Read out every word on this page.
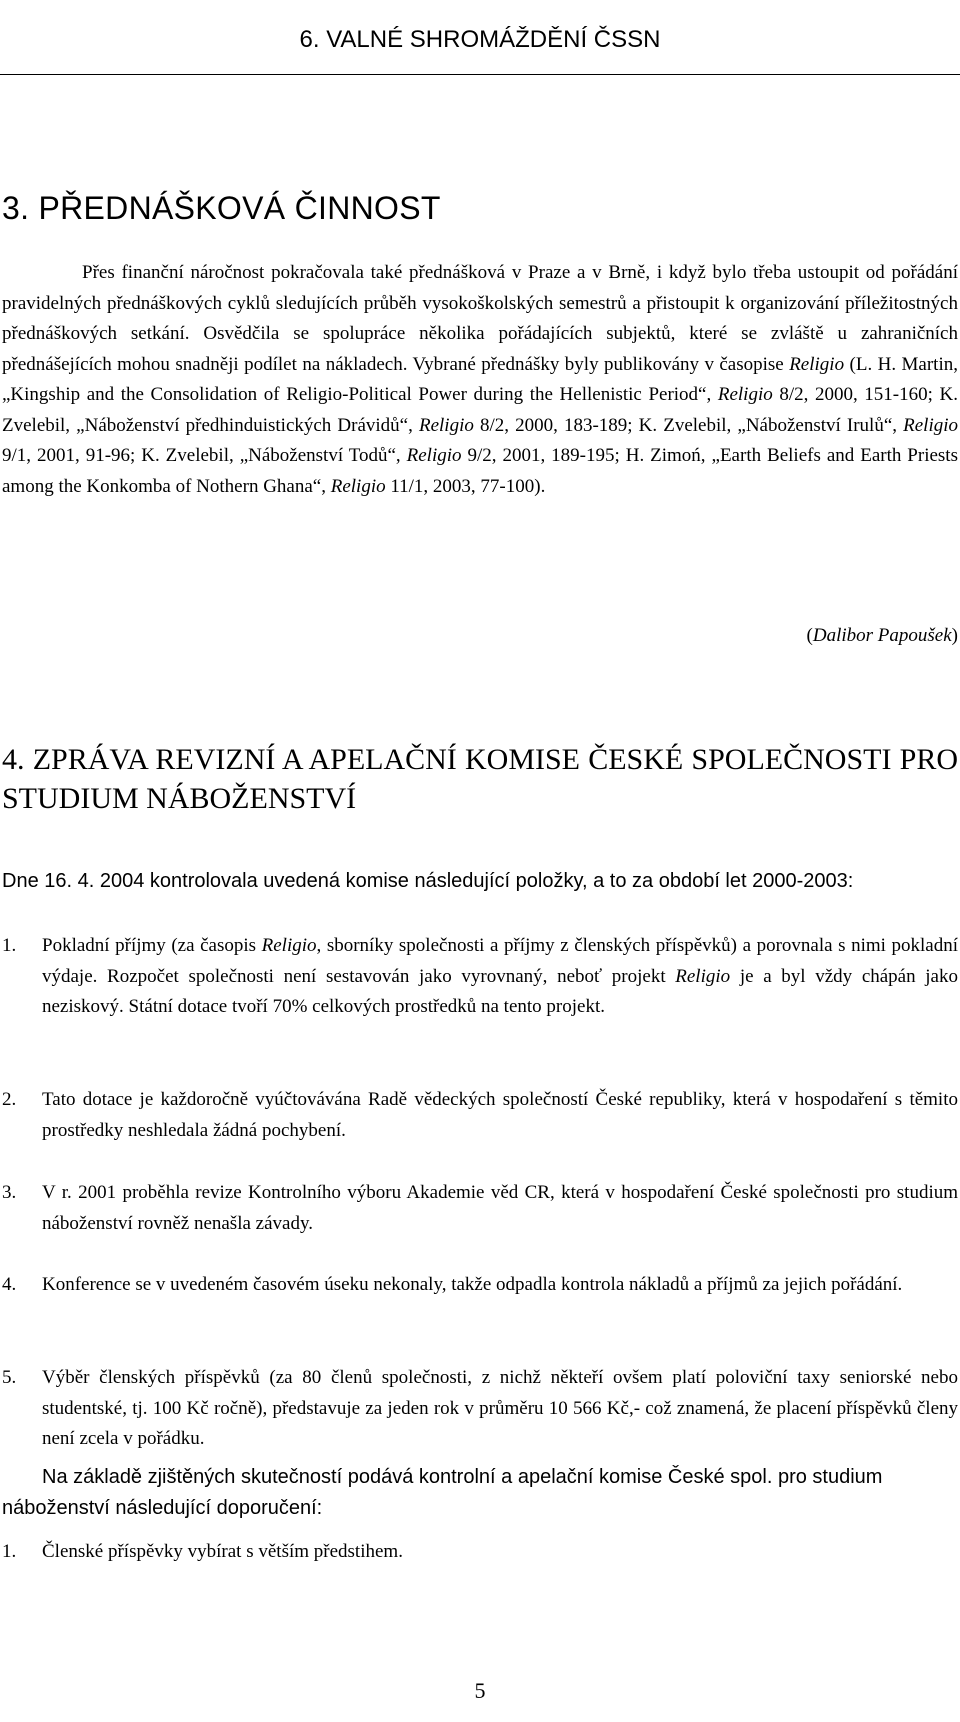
6. VALNÉ SHROMÁŽDĚNÍ ČSSN
3. PŘEDNÁŠKOVÁ ČINNOST

Přes finanční náročnost pokračovala také přednášková v Praze a v Brně, i když bylo třeba ustoupit od pořádání pravidelných přednáškových cyklů sledujících průběh vysokoškolských semestrů a přistoupit k organizování příležitostných přednáškových setkání. Osvědčila se spolupráce několika pořádajících subjektů, které se zvláště u zahraničních přednášejících mohou snadněji podílet na nákladech. Vybrané přednášky byly publikovány v časopise Religio (L. H. Martin, „Kingship and the Consolidation of Religio-Political Power during the Hellenistic Period“, Religio 8/2, 2000, 151-160; K. Zvelebil, „Náboženství předhinduistických Drávidů“, Religio 8/2, 2000, 183-189; K. Zvelebil, „Náboženství Irulů“, Religio 9/1, 2001, 91-96; K. Zvelebil, „Náboženství Todů“, Religio 9/2, 2001, 189-195; H. Zimoń, „Earth Beliefs and Earth Priests among the Konkomba of Nothern Ghana“, Religio 11/1, 2003, 77-100).

(Dalibor Papoušek)
4. ZPRÁVA REVIZNÍ A APELAČNÍ KOMISE ČESKÉ SPOLEČNOSTI PRO STUDIUM NÁBOŽENSTVÍ

Dne 16. 4. 2004 kontrolovala uvedená komise následující položky, a to za období let 2000-2003:

1. Pokladní příjmy (za časopis Religio, sborníky společnosti a příjmy z členských příspěvků) a porovnala s nimi pokladní výdaje. Rozpočet společnosti není sestavován jako vyrovnaný, neboť projekt Religio je a byl vždy chápán jako neziskový. Státní dotace tvoří 70% celkových prostředků na tento projekt.

2. Tato dotace je každoročně vyúčtovávána Radě vědeckých společností České republiky, která v hospodaření s těmito prostředky neshledala žádná pochybení.

3. V r. 2001 proběhla revize Kontrolního výboru Akademie věd CR, která v hospodaření České společnosti pro studium náboženství rovněž nenašla závady.

4. Konference se v uvedeném časovém úseku nekonaly, takže odpadla kontrola nákladů a příjmů za jejich pořádání.

5. Výběr členských příspěvků (za 80 členů společnosti, z nichž někteří ovšem platí poloviční taxy seniorské nebo studentské, tj. 100 Kč ročně), představuje za jeden rok v průměru 10 566 Kč,- což znamená, že placení příspěvků členy není zcela v pořádku.

Na základě zjištěných skutečností podává kontrolní a apelační komise České spol. pro studium náboženství následující doporučení:

1. Členské příspěvky vybírat s větším předstihem.

5
